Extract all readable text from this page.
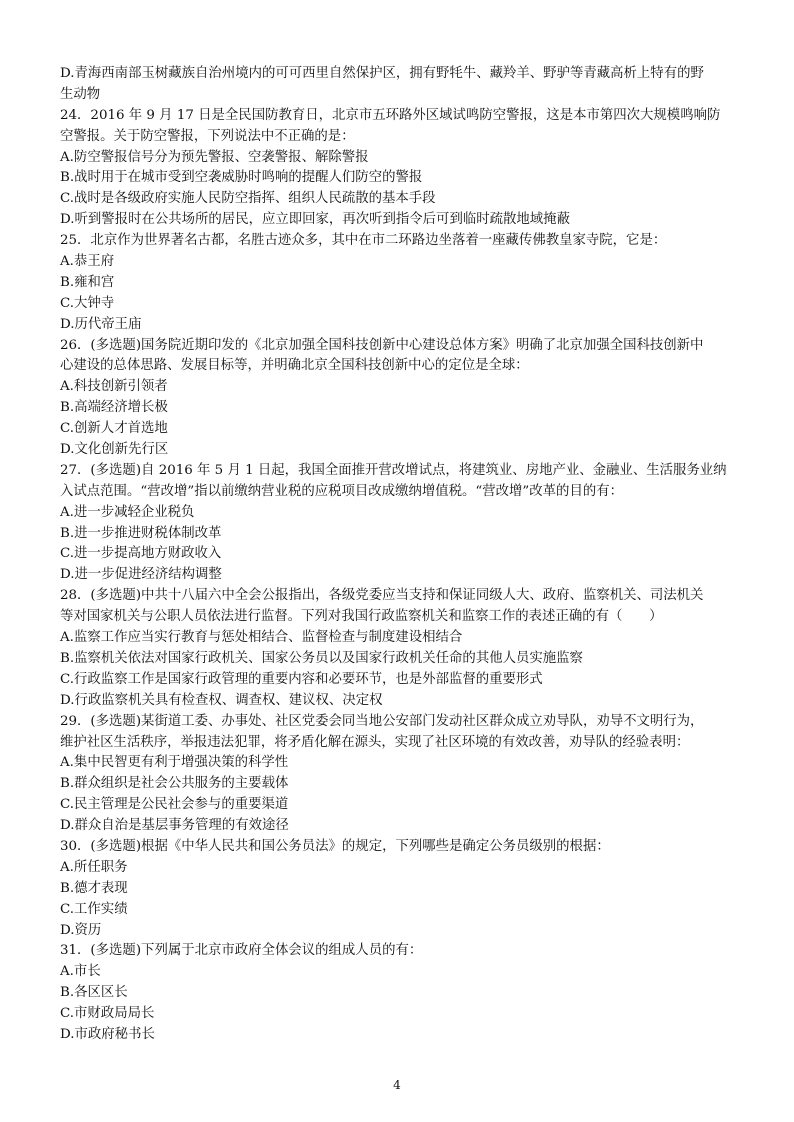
D.青海西南部玉树藏族自治州境内的可可西里自然保护区，拥有野牦牛、藏羚羊、野驴等青藏高析上特有的野
生动物
24．2016 年 9 月 17 日是全民国防教育日，北京市五环路外区域试鸣防空警报，这是本市第四次大规模鸣响防
空警报。关于防空警报，下列说法中不正确的是：
A.防空警报信号分为预先警报、空袭警报、解除警报
B.战时用于在城市受到空袭威胁时鸣响的提醒人们防空的警报
C.战时是各级政府实施人民防空指挥、组织人民疏散的基本手段
D.听到警报时在公共场所的居民，应立即回家，再次听到指令后可到临时疏散地域掩蔽
25．北京作为世界著名古都，名胜古迹众多，其中在市二环路边坐落着一座藏传佛教皇家寺院，它是：
A.恭王府
B.雍和宫
C.大钟寺
D.历代帝王庙
26．(多选题)国务院近期印发的《北京加强全国科技创新中心建设总体方案》明确了北京加强全国科技创新中
心建设的总体思路、发展目标等，并明确北京全国科技创新中心的定位是全球：
A.科技创新引领者
B.高端经济增长极
C.创新人才首选地
D.文化创新先行区
27．(多选题)自 2016 年 5 月 1 日起，我国全面推开营改增试点，将建筑业、房地产业、金融业、生活服务业纳
入试点范围。“营改增”指以前缴纳营业税的应税项目改成缴纳增值税。“营改增”改革的目的有：
A.进一步减轻企业税负
B.进一步推进财税体制改革
C.进一步提高地方财政收入
D.进一步促进经济结构调整
28．(多选题)中共十八届六中全会公报指出，各级党委应当支持和保证同级人大、政府、监察机关、司法机关
等对国家机关与公职人员依法进行监督。下列对我国行政监察机关和监察工作的表述正确的有（　　）
A.监察工作应当实行教育与惩处相结合、监督检查与制度建设相结合
B.监察机关依法对国家行政机关、国家公务员以及国家行政机关任命的其他人员实施监察
C.行政监察工作是国家行政管理的重要内容和必要环节，也是外部监督的重要形式
D.行政监察机关具有检查权、调查权、建议权、决定权
29．(多选题)某街道工委、办事处、社区党委会同当地公安部门发动社区群众成立劝导队，劝导不文明行为，
维护社区生活秩序，举报违法犯罪，将矛盾化解在源头，实现了社区环境的有效改善，劝导队的经验表明：
A.集中民智更有利于增强决策的科学性
B.群众组织是社会公共服务的主要载体
C.民主管理是公民社会参与的重要渠道
D.群众自治是基层事务管理的有效途径
30．(多选题)根据《中华人民共和国公务员法》的规定，下列哪些是确定公务员级别的根据：
A.所任职务
B.德才表现
C.工作实绩
D.资历
31．(多选题)下列属于北京市政府全体会议的组成人员的有：
A.市长
B.各区区长
C.市财政局局长
D.市政府秘书长
4
